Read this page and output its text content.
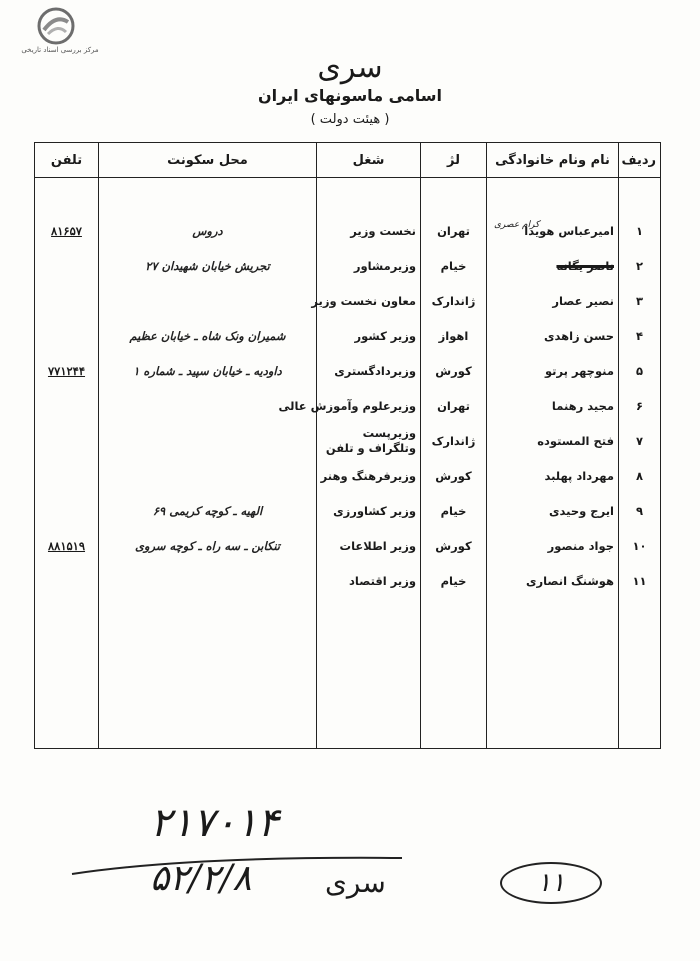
مرکز بررسی اسناد تاریخی	سری
اسامی ماسونهای ایران
( هیئت دولت )
ردیف	نام ونام خانوادگی	لژ	شغل	محل سکونت	تلفن

۱	امیرعباس هویدا	تهران	نخست وزیر	دروس	۸۱۶۵۷
۲	ناصر یگانه	خیام	وزیرمشاور	تجریش خیابان شهیدان ۲۷	
۳	نصیر عصار	ژاندارک	معاون نخست وزیر		
۴	حسن زاهدی	اهواز	وزیر کشور	شمیران ونک شاه ـ خیابان عظیم	
۵	منوچهر پرتو	کورش	وزیردادگستری	داودیه ـ خیابان سپید ـ شماره ۱	۷۷۱۲۴۴
۶	مجید رهنما	تهران	وزیرعلوم وآموزش عالی		
۷	فتح المستوده	ژاندارک	وزیرپست وتلگراف و تلفن		
۸	مهرداد پهلبد	کورش	وزیرفرهنگ وهنر		
۹	ایرج وحیدی	خیام	وزیر کشاورزی	الهیه ـ کوچه کریمی ۶۹	
۱۰	جواد منصور	کورش	وزیر اطلاعات	تنکابن ـ سه راه ـ کوچه سروی	۸۸۱۵۱۹
۱۱	هوشنگ انصاری	خیام	وزیر اقتصاد		

کرام عصری
۲۱۷۰۱۴
۵۲/۲/۸	سری	۱۱
